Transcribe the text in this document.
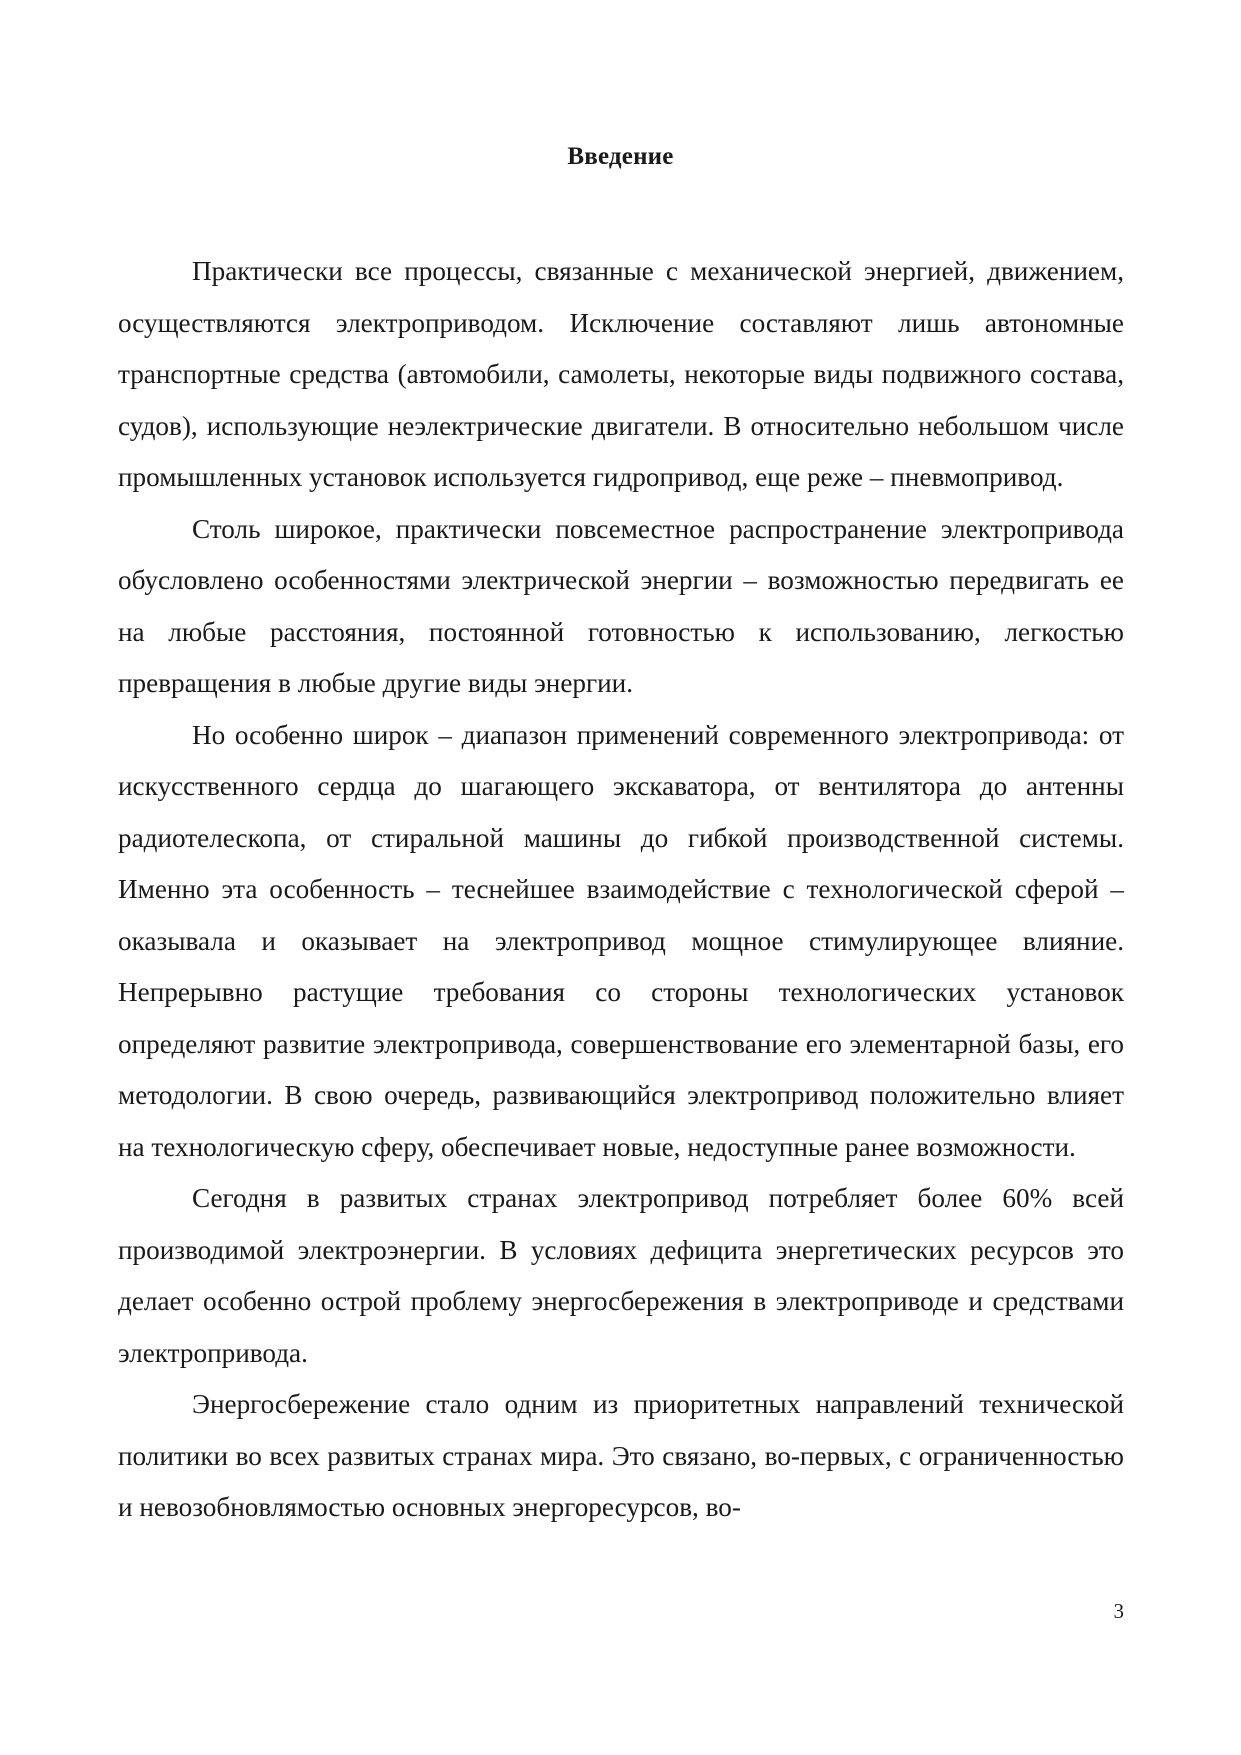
Введение

Практически все процессы, связанные с механической энергией, движением, осуществляются электроприводом. Исключение составляют лишь автономные транспортные средства (автомобили, самолеты, некоторые виды подвижного состава, судов), использующие неэлектрические двигатели. В относительно небольшом числе промышленных установок используется гидропривод, еще реже – пневмопривод.

Столь широкое, практически повсеместное распространение электропривода обусловлено особенностями электрической энергии – возможностью передвигать ее на любые расстояния, постоянной готовностью к использованию, легкостью превращения в любые другие виды энергии.

Но особенно широк – диапазон применений современного электропривода: от искусственного сердца до шагающего экскаватора, от вентилятора до антенны радиотелескопа, от стиральной машины до гибкой производственной системы. Именно эта особенность – теснейшее взаимодействие с технологической сферой – оказывала и оказывает на электропривод мощное стимулирующее влияние. Непрерывно растущие требования со стороны технологических установок определяют развитие электропривода, совершенствование его элементарной базы, его методологии. В свою очередь, развивающийся электропривод положительно влияет на технологическую сферу, обеспечивает новые, недоступные ранее возможности.

Сегодня в развитых странах электропривод потребляет более 60% всей производимой электроэнергии. В условиях дефицита энергетических ресурсов это делает особенно острой проблему энергосбережения в электроприводе и средствами электропривода.

Энергосбережение стало одним из приоритетных направлений технической политики во всех развитых странах мира. Это связано, во-первых, с ограниченностью и невозобновлямостью основных энергоресурсов, во-

3
